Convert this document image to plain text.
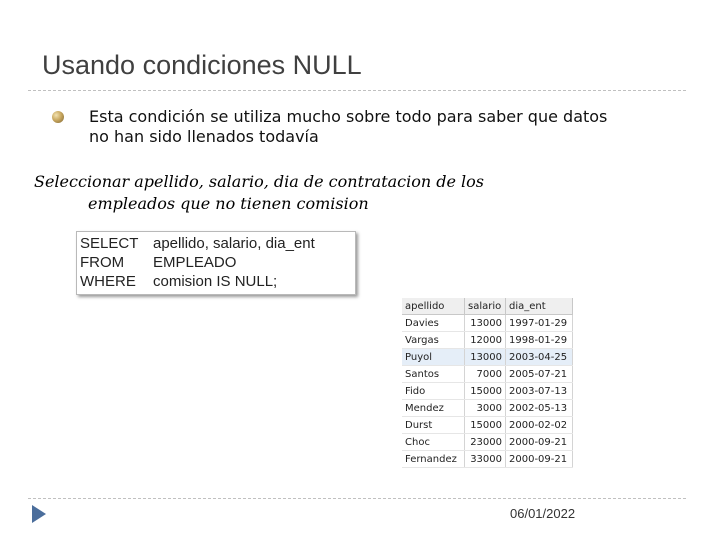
Usando condiciones NULL
Esta condición se utiliza mucho sobre todo para saber que datos no han sido llenados todavía
Seleccionar apellido, salario, dia de contratacion de los
empleados que no tienen comision
SELECT apellido, salario, dia_ent
FROM EMPLEADO
WHERE comision IS NULL;
apellido	salario	dia_ent
Davies	13000	1997-01-29
Vargas	12000	1998-01-29
Puyol	13000	2003-04-25
Santos	7000	2005-07-21
Fido	15000	2003-07-13
Mendez	3000	2002-05-13
Durst	15000	2000-02-02
Choc	23000	2000-09-21
Fernandez	33000	2000-09-21
06/01/2022
